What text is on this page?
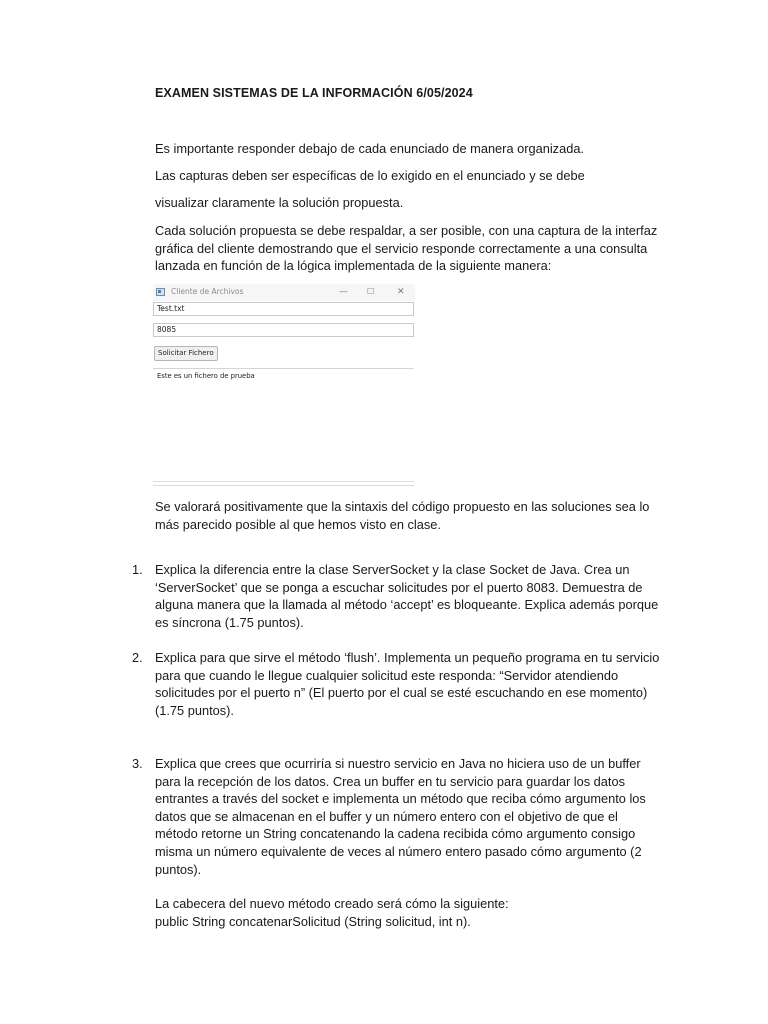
EXAMEN SISTEMAS DE LA INFORMACIÓN 6/05/2024

Es importante responder debajo de cada enunciado de manera organizada.

Las capturas deben ser específicas de lo exigido en el enunciado y se debe

visualizar claramente la solución propuesta.

Cada solución propuesta se debe respaldar, a ser posible, con una captura de la interfaz gráfica del cliente demostrando que el servicio responde correctamente a una consulta lanzada en función de la lógica implementada de la siguiente manera:

Cliente de Archivos	— ☐	✕
Test.txt
8085
Solicitar Fichero
Este es un fichero de prueba

Se valorará positivamente que la sintaxis del código propuesto en las soluciones sea lo más parecido posible al que hemos visto en clase.

1. Explica la diferencia entre la clase ServerSocket y la clase Socket de Java. Crea un ‘ServerSocket’ que se ponga a escuchar solicitudes por el puerto 8083. Demuestra de alguna manera que la llamada al método ‘accept’ es bloqueante. Explica además porque es síncrona (1.75 puntos).

2. Explica para que sirve el método ‘flush’. Implementa un pequeño programa en tu servicio para que cuando le llegue cualquier solicitud este responda: “Servidor atendiendo solicitudes por el puerto n” (El puerto por el cual se esté escuchando en ese momento) (1.75 puntos).

3. Explica que crees que ocurriría si nuestro servicio en Java no hiciera uso de un buffer para la recepción de los datos. Crea un buffer en tu servicio para guardar los datos entrantes a través del socket e implementa un método que reciba cómo argumento los datos que se almacenan en el buffer y un número entero con el objetivo de que el método retorne un String concatenando la cadena recibida cómo argumento consigo misma un número equivalente de veces al número entero pasado cómo argumento (2 puntos).

La cabecera del nuevo método creado será cómo la siguiente:

public String concatenarSolicitud (String solicitud, int n).
